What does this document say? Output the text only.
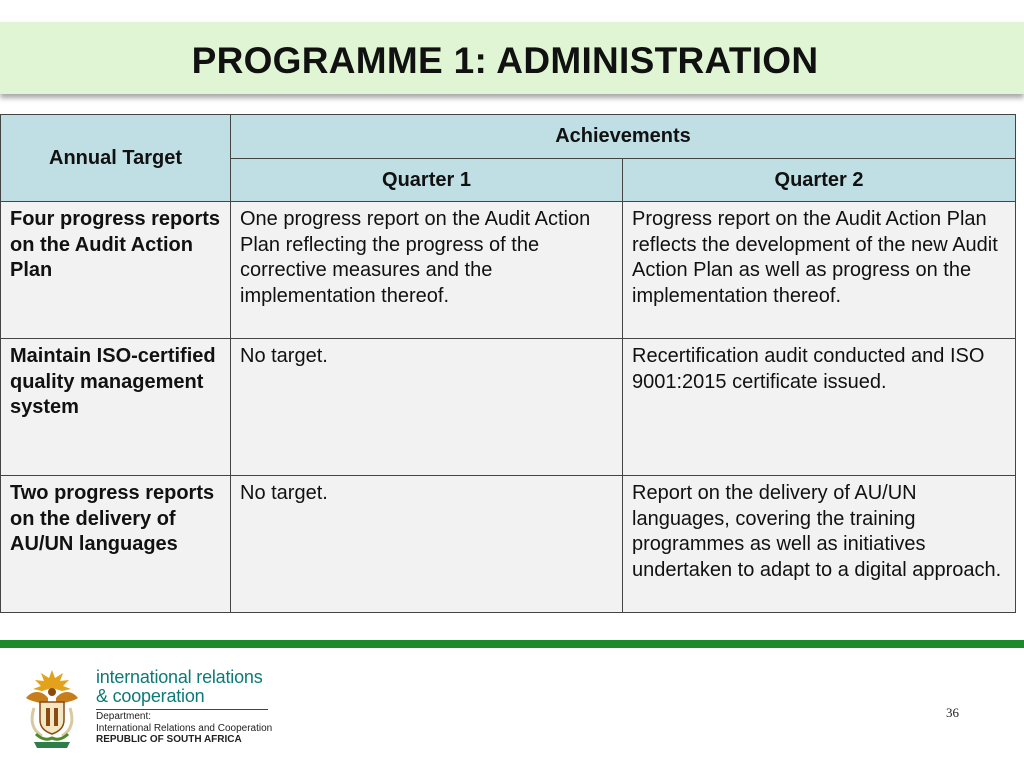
PROGRAMME 1: ADMINISTRATION
Annual Target	Achievements	
	Quarter 1	Quarter 2
Four progress reports on the Audit Action Plan	One progress report on the Audit Action Plan reflecting the progress of the corrective measures and the implementation thereof.	Progress report on the Audit Action Plan reflects the development of the new Audit Action Plan as well as progress on the implementation thereof.
Maintain ISO-certified quality management system	No target.	Recertification audit conducted and ISO 9001:2015 certificate issued.
Two progress reports on the delivery of AU/UN languages	No target.	Report on the delivery of AU/UN languages, covering the training programmes as well as initiatives undertaken to adapt to a digital approach.
international relations
& cooperation
Department:
International Relations and Cooperation
REPUBLIC OF SOUTH AFRICA
36
